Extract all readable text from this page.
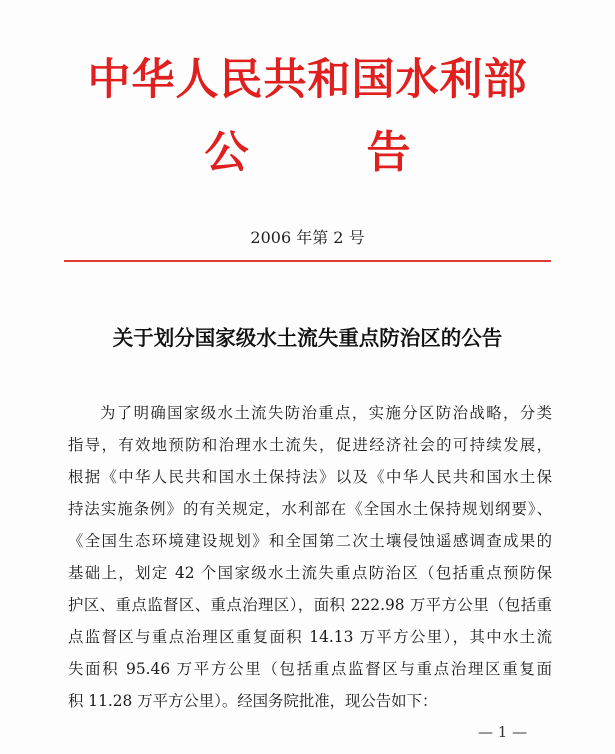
中华人民共和国水利部
公告
2006 年第 2 号
关于划分国家级水土流失重点防治区的公告
为了明确国家级水土流失防治重点，实施分区防治战略，分类
指导，有效地预防和治理水土流失，促进经济社会的可持续发展，
根据《中华人民共和国水土保持法》以及《中华人民共和国水土保
持法实施条例》的有关规定，水利部在《全国水土保持规划纲要》、
《全国生态环境建设规划》和全国第二次土壤侵蚀遥感调查成果的
基础上，划定 42 个国家级水土流失重点防治区（包括重点预防保
护区、重点监督区、重点治理区），面积 222.98 万平方公里（包括重
点监督区与重点治理区重复面积 14.13 万平方公里），其中水土流
失面积 95.46 万平方公里（包括重点监督区与重点治理区重复面
积 11.28 万平方公里）。经国务院批准，现公告如下：
— 1 —
